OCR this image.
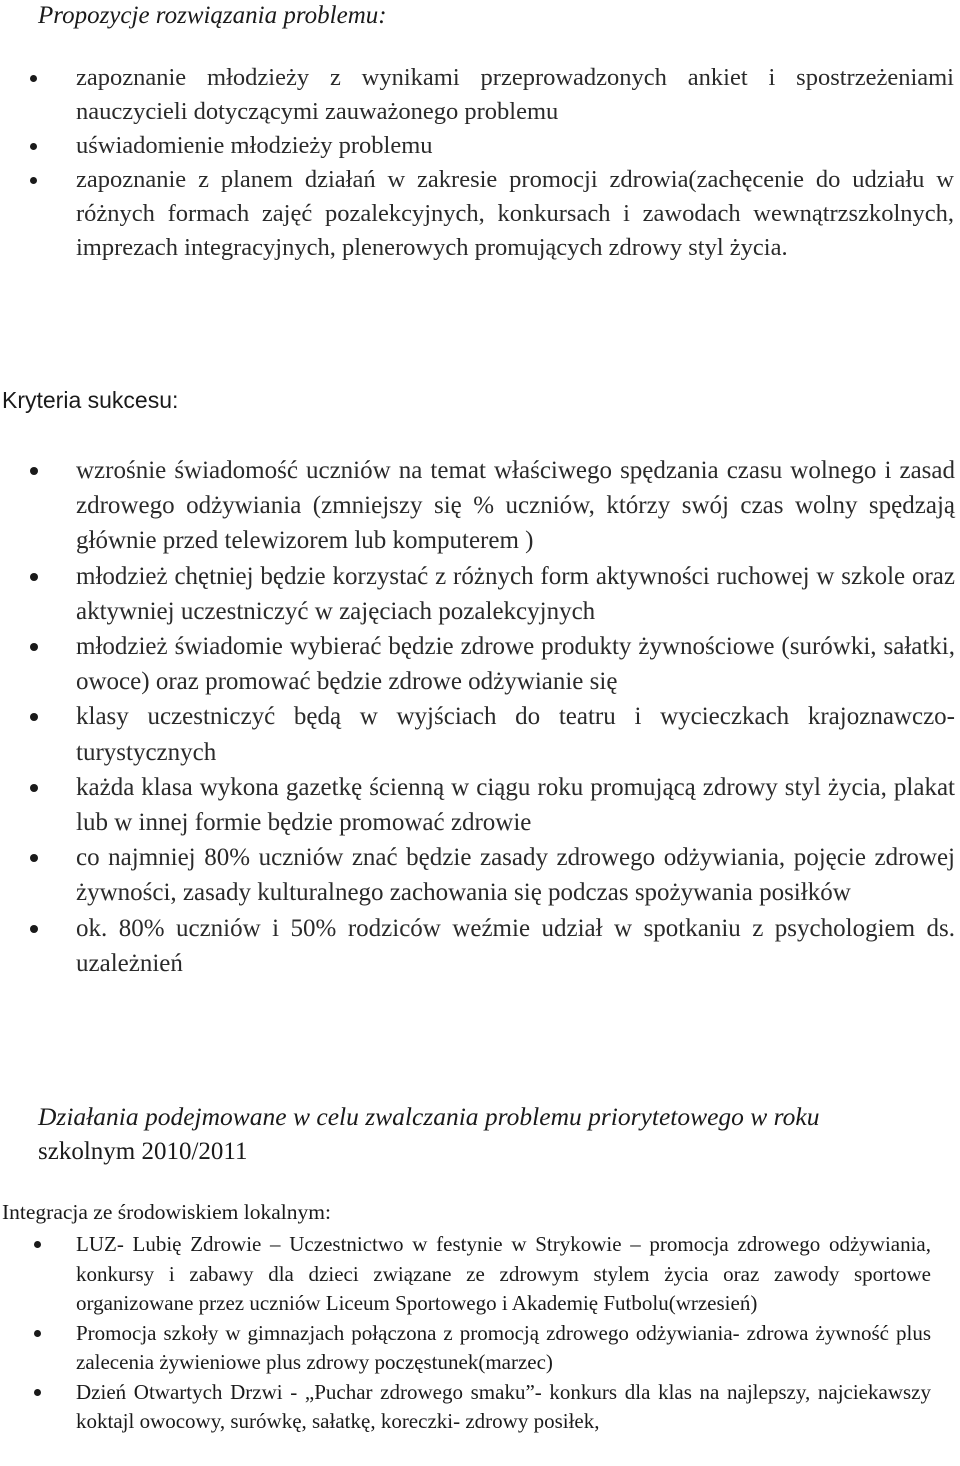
Propozycje rozwiązania problemu:
zapoznanie młodzieży z wynikami przeprowadzonych ankiet i spostrzeżeniami nauczycieli dotyczącymi zauważonego problemu
uświadomienie młodzieży problemu
zapoznanie z planem działań w zakresie promocji zdrowia(zachęcenie do udziału w różnych formach zajęć pozalekcyjnych, konkursach i zawodach wewnątrzszkolnych, imprezach integracyjnych, plenerowych promujących zdrowy styl życia.
Kryteria sukcesu:
wzrośnie świadomość uczniów na temat właściwego spędzania czasu wolnego i zasad zdrowego odżywiania (zmniejszy się % uczniów, którzy swój czas wolny spędzają głównie przed telewizorem lub komputerem )
młodzież chętniej będzie korzystać z różnych form aktywności ruchowej w szkole oraz aktywniej uczestniczyć w zajęciach pozalekcyjnych
młodzież świadomie wybierać będzie zdrowe produkty żywnościowe (surówki, sałatki, owoce) oraz promować będzie zdrowe odżywianie się
klasy uczestniczyć będą w wyjściach do teatru i wycieczkach krajoznawczo-turystycznych
każda klasa wykona gazetkę ścienną w ciągu roku promującą zdrowy styl życia, plakat lub w innej formie będzie promować zdrowie
co najmniej 80% uczniów znać będzie zasady zdrowego odżywiania, pojęcie zdrowej żywności, zasady kulturalnego zachowania się podczas spożywania posiłków
ok. 80% uczniów i 50% rodziców weźmie udział w spotkaniu z psychologiem ds. uzależnień
Działania podejmowane w celu zwalczania problemu priorytetowego w roku
szkolnym 2010/2011
Integracja ze środowiskiem lokalnym:
LUZ- Lubię Zdrowie – Uczestnictwo w festynie w Strykowie – promocja zdrowego odżywiania, konkursy i zabawy dla dzieci związane ze zdrowym stylem życia oraz zawody sportowe organizowane przez uczniów Liceum Sportowego i Akademię Futbolu(wrzesień)
Promocja szkoły w gimnazjach połączona z promocją zdrowego odżywiania- zdrowa żywność plus zalecenia żywieniowe plus zdrowy poczęstunek(marzec)
Dzień Otwartych Drzwi - „Puchar zdrowego smaku”- konkurs dla klas na najlepszy, najciekawszy koktajl owocowy, surówkę, sałatkę, koreczki- zdrowy posiłek,
